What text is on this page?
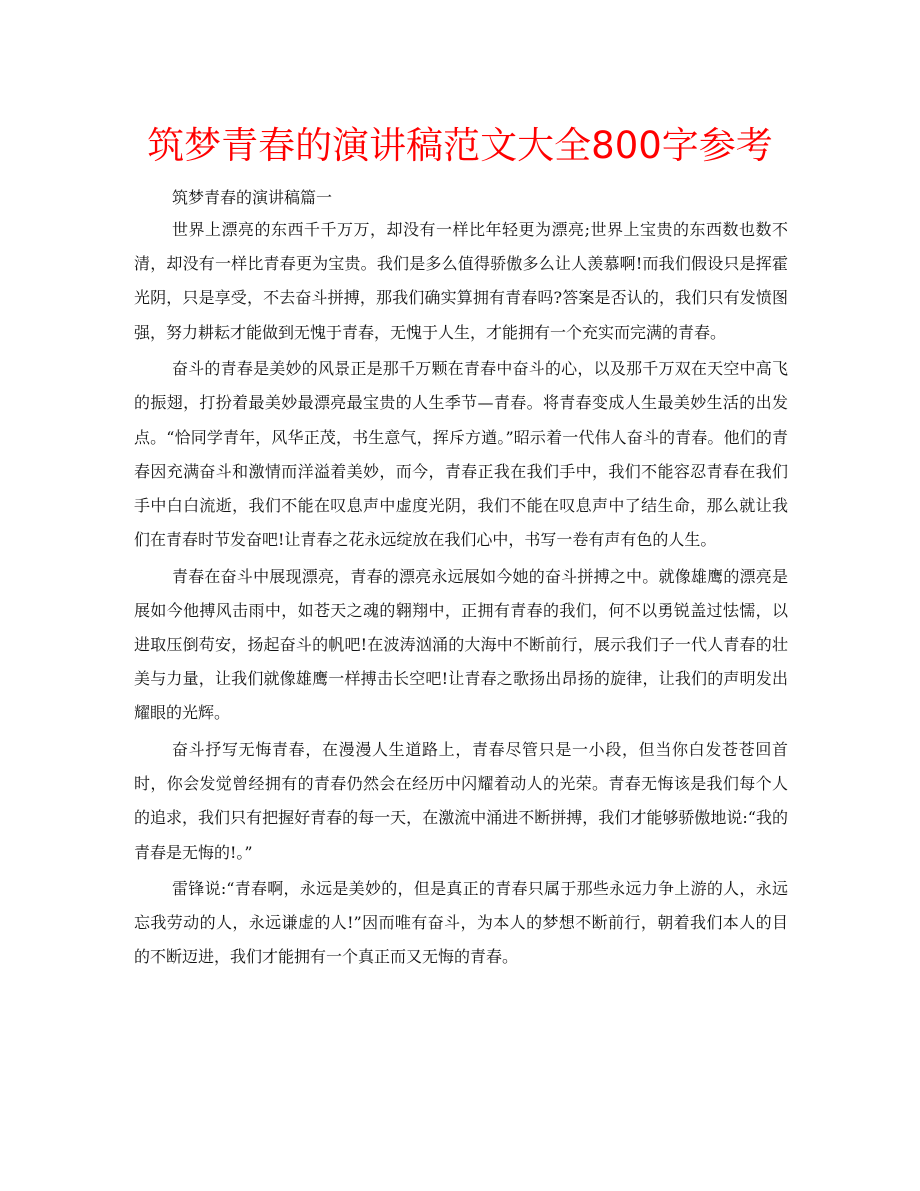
筑梦青春的演讲稿范文大全800字参考

筑梦青春的演讲稿篇一

世界上漂亮的东西千千万万，却没有一样比年轻更为漂亮;世界上宝贵的东西数也数不清，却没有一样比青春更为宝贵。我们是多么值得骄傲多么让人羡慕啊!而我们假设只是挥霍光阴，只是享受，不去奋斗拼搏，那我们确实算拥有青春吗?答案是否认的，我们只有发愤图强，努力耕耘才能做到无愧于青春，无愧于人生，才能拥有一个充实而完满的青春。

奋斗的青春是美妙的风景正是那千万颗在青春中奋斗的心，以及那千万双在天空中高飞的振翅，打扮着最美妙最漂亮最宝贵的人生季节—青春。将青春变成人生最美妙生活的出发点。“恰同学青年，风华正茂，书生意气，挥斥方遒。”昭示着一代伟人奋斗的青春。他们的青春因充满奋斗和激情而洋溢着美妙，而今，青春正我在我们手中，我们不能容忍青春在我们手中白白流逝，我们不能在叹息声中虚度光阴，我们不能在叹息声中了结生命，那么就让我们在青春时节发奋吧!让青春之花永远绽放在我们心中，书写一卷有声有色的人生。

青春在奋斗中展现漂亮，青春的漂亮永远展如今她的奋斗拼搏之中。就像雄鹰的漂亮是展如今他搏风击雨中，如苍天之魂的翱翔中，正拥有青春的我们，何不以勇锐盖过怯懦，以进取压倒苟安，扬起奋斗的帆吧!在波涛汹涌的大海中不断前行，展示我们子一代人青春的壮美与力量，让我们就像雄鹰一样搏击长空吧!让青春之歌扬出昂扬的旋律，让我们的声明发出耀眼的光辉。

奋斗抒写无悔青春，在漫漫人生道路上，青春尽管只是一小段，但当你白发苍苍回首时，你会发觉曾经拥有的青春仍然会在经历中闪耀着动人的光荣。青春无悔该是我们每个人的追求，我们只有把握好青春的每一天，在激流中涌进不断拼搏，我们才能够骄傲地说:“我的青春是无悔的!。”

雷锋说:“青春啊，永远是美妙的，但是真正的青春只属于那些永远力争上游的人，永远忘我劳动的人，永远谦虚的人!”因而唯有奋斗，为本人的梦想不断前行，朝着我们本人的目的不断迈进，我们才能拥有一个真正而又无悔的青春。
